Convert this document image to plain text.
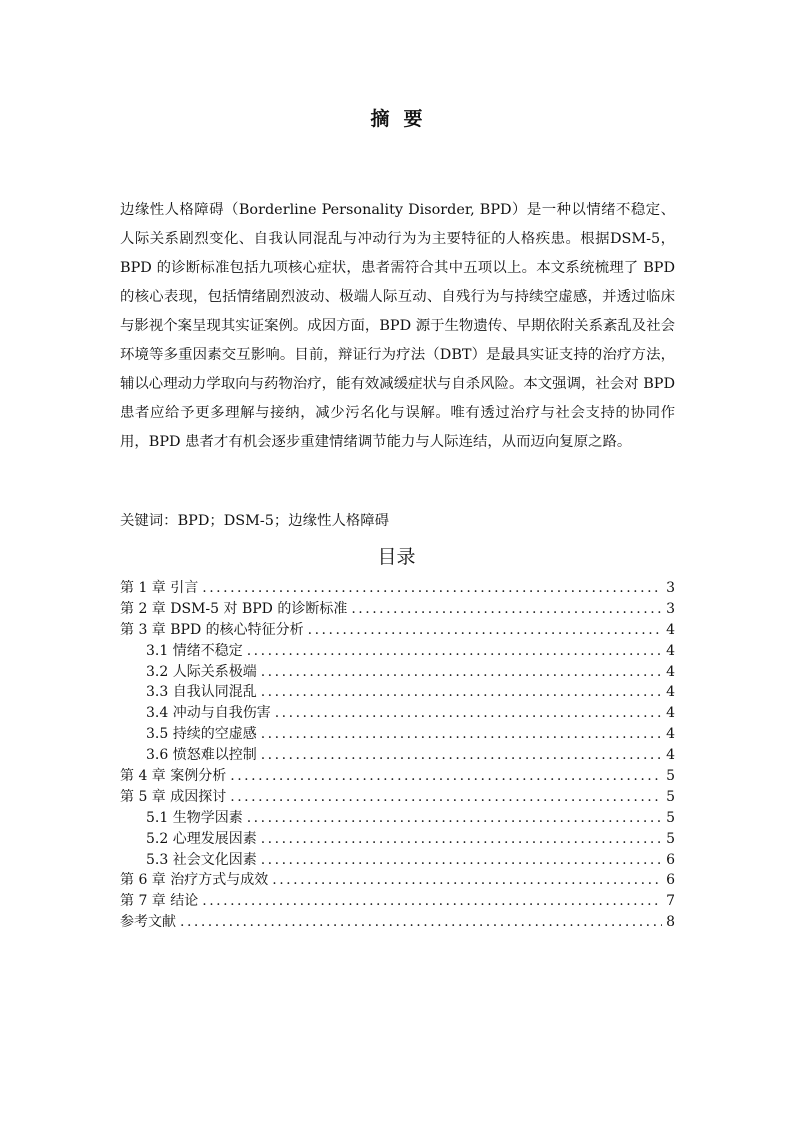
摘要

边缘性人格障碍（Borderline Personality Disorder, BPD）是一种以情绪不稳定、人际关系剧烈变化、自我认同混乱与冲动行为为主要特征的人格疾患。根据DSM-5，BPD 的诊断标准包括九项核心症状，患者需符合其中五项以上。本文系统梳理了 BPD 的核心表现，包括情绪剧烈波动、极端人际互动、自残行为与持续空虚感，并透过临床与影视个案呈现其实证案例。成因方面，BPD 源于生物遗传、早期依附关系紊乱及社会环境等多重因素交互影响。目前，辩证行为疗法（DBT）是最具实证支持的治疗方法，辅以心理动力学取向与药物治疗，能有效减缓症状与自杀风险。本文强调，社会对 BPD 患者应给予更多理解与接纳，减少污名化与误解。唯有透过治疗与社会支持的协同作用，BPD 患者才有机会逐步重建情绪调节能力与人际连结，从而迈向复原之路。

关键词：BPD；DSM-5；边缘性人格障碍

目录
第 1 章 引言 .....	3
第 2 章 DSM-5 对 BPD 的诊断标准 .....	3
第 3 章 BPD 的核心特征分析 .....	4
3.1 情绪不稳定 .....	4
3.2 人际关系极端 .....	4
3.3 自我认同混乱 .....	4
3.4 冲动与自我伤害 .....	4
3.5 持续的空虚感 .....	4
3.6 愤怒难以控制 .....	4
第 4 章 案例分析 .....	5
第 5 章 成因探讨 .....	5
5.1 生物学因素 .....	5
5.2 心理发展因素 .....	5
5.3 社会文化因素 .....	6
第 6 章 治疗方式与成效 .....	6
第 7 章 结论 .....	7
参考文献 .....	8
